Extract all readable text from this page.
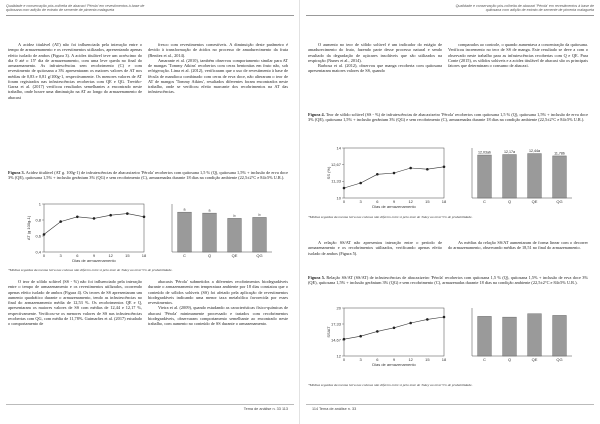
Qualidade e conservação pós-colheita de abacaxi 'Pérola' em revestimentos à base de quitosana com adição de extrato de semente de pimenta malagueta

A acidez titulável (AT) não foi influenciada pela interação entre o tempo de armazenamento e os revestimentos utilizados, apresentando apenas efeito isolado de ambos (Figura 3). A acidez titulável teve um acréscimo do dia 0 até o 15º dia de armazenamento, com uma leve queda no final do armazenamento. As infrutescências sem recobrimento (C) e com revestimento de quitosana a 3% apresentaram os maiores valores de AT nos médias de 0,83 e 0,81 g/100g-1, respectivamente. Os menores valores de AT foram registrados nas infrutescências recobertas com QE e QG. Treviño-Garza et al. (2017) verificou resultados semelhantes a encontrado neste trabalho, onde houve uma diminuição na AT ao longo do armazenamento de abacaxi

fresco com revestimentos comestíveis. A diminuição deste parâmetro é devido à transformação de ácidos no processo de amadurecimento da fruta (Benítez et al., 2014).

Amarante et al. (2010), também observou comportamento similar para AT de mangas 'Tommy Atkins' recobertos com ceras bentonitas em fruto não, sob refrigeração. Lima et al. (2012), verificaram que o uso de revestimento à base de fécula de mandioca combinado com ceras de erva doce, não alteraram o teor de AT de mangos 'Tommy Atkins', resultados diferentes foram encontrados neste trabalho, onde se verificou efeito marcante dos recobrimentos na AT das infrutescências.

Figura 3. Acidez titulável (AT g. 100g-1) de infrutescências de abacaxizeiro 'Pérola' recobertos com quitosana 1,5 % (Q), quitosana 1,5% + inclusão de erva doce 3% (QE), quitosana 1,5% + inclusão gerânium 3% (QG) e sem recobrimento (C), armazenadas durante 18 dias na condição ambiente (22,5±2°C e 84±5% U.R.).

0,4
0,6
0,8
1
0	3	6	9	12	15	18
Dias de armazenamento
AT (g 100g-1)
C
a
Q
a
QE
b
QG
b
*Médias seguidas da mesma letra nas colunas não diferem entre si pelo teste de Tukey ao nível 5% de probabilidade.

O teor de sólido solúvel (SS - %) não foi influenciado pela interação entre o tempo de armazenamento e os revestimentos utilizados, ocorrendo apenas efeito isolado de ambos (Figura 4). Os teores de SS apresentaram um aumento quadrático durante o armazenamento, tendo as infrutescências no final do armazenamento média de 12,53 %. Os recobrimentos QE e Q, apresentaram os maiores valores de SS com médias de 12,44 e 12,17 %, respectivamente. Verificou-se os menores valores de SS nas infrutescências recobertas com QG, com média de 11,78%. Guimarães et al. (2017) estudado o comportamento de

abacaxis 'Pérola' submetidos a diferentes recobrimentos biodegradáveis durante o armazenamento em temperatura ambiente por 18 dias constatou que o conteúdo de sólidos solúveis (SS) foi afetado pela aplicação de revestimentos biodegradáveis indicando uma menor taxa metabólica favorecida por esses revestimentos.

Vieira et al. (2009), quando estudando as características físico-químicas de abacaxi 'Pérola' minimamente processado e tratados com recobrimentos biodegradáveis, observaram comportamento semelhante ao encontrado neste trabalho, com aumento no conteúdo de SS durante o armazenamento.

Tema de análise n. 33 113
Qualidade e conservação pós-colheita de abacaxi 'Pérola' em revestimentos à base de quitosana com adição de extrato de semente de pimenta malagueta

O aumento no teor de sólido solúvel é um indicador do estágio de amadurecimento do fruto, fazendo parte desse processo natural e sendo resultado da degradação de açúcares insolúveis que são utilizados na respiração (Nunes et al., 2014).

Barbosa et al. (2012), observou que manga recoberta com quitosana apresentaram maiores valores de SS, quando

comparados ao controle, o quando aumentava a concentração da quitosana. Verificou incremento no teor de SS de manga. Este resultado se deve a com o observado neste trabalho para as infrutescências recobertas com Q e QE. Para Conte (2015), os sólidos solúveis e a acidez titulável de abacaxi são os principais fatores que determinam o consumo de abacaxi.

Figura 4. Teor de sólido solúvel (SS - %) de infrutescências de abacaxizeiro 'Pérola' recobertos com quitosana 1,5 % (Q), quitosana 1,5% + inclusão de erva doce 3% (QE), quitosana 1,5% + inclusão gerânium 3% (QG) e sem recobrimento (C), armazenadas durante 18 dias na condição ambiente (22,5±2°C e 84±5% U.R.).

10
11,33
12,67
14
0	3	6	9	12	15	18
Dias de armazenamento
SS (%)
C
12,03ab
Q
12,17a
QE
12,44a
QG
11,78b
*Médias seguidas da mesma letra nas colunas não diferem entre si pelo teste de Tukey ao nível 5% de probabilidade.

A relação SS/AT não apresentou interação entre o período de armazenamento e os recobrimentos utilizados, verificando apenas efeito isolado de ambos (Figura 5).

As médias da relação SS/AT aumentaram de forma linear com o decorrer do armazenamento, observando médias de 18,51 no final do armazenamento.

Figura 5. Relação SS/AT (SS/AT) de infrutescências de abacaxizeiro 'Pérola' recobertos com quitosana 1,5 % (Q), quitosana 1,5% + inclusão de erva doce 3% (QE), quitosana 1,5% + inclusão gerânium 3% (QG) e sem recobrimento (C), armazenadas durante 18 dias na condição ambiente (22,5±2°C e 84±5% U.R.).

12
14,67
17,33
20
0	3	6	9	12	15	18
Dias de armazenamento
SS/AT
C	Q	QE	QG
*Médias seguidas da mesma letra nas colunas não diferem entre si pelo teste de Tukey ao nível 5% de probabilidade.
114 Tema de análise n. 33
